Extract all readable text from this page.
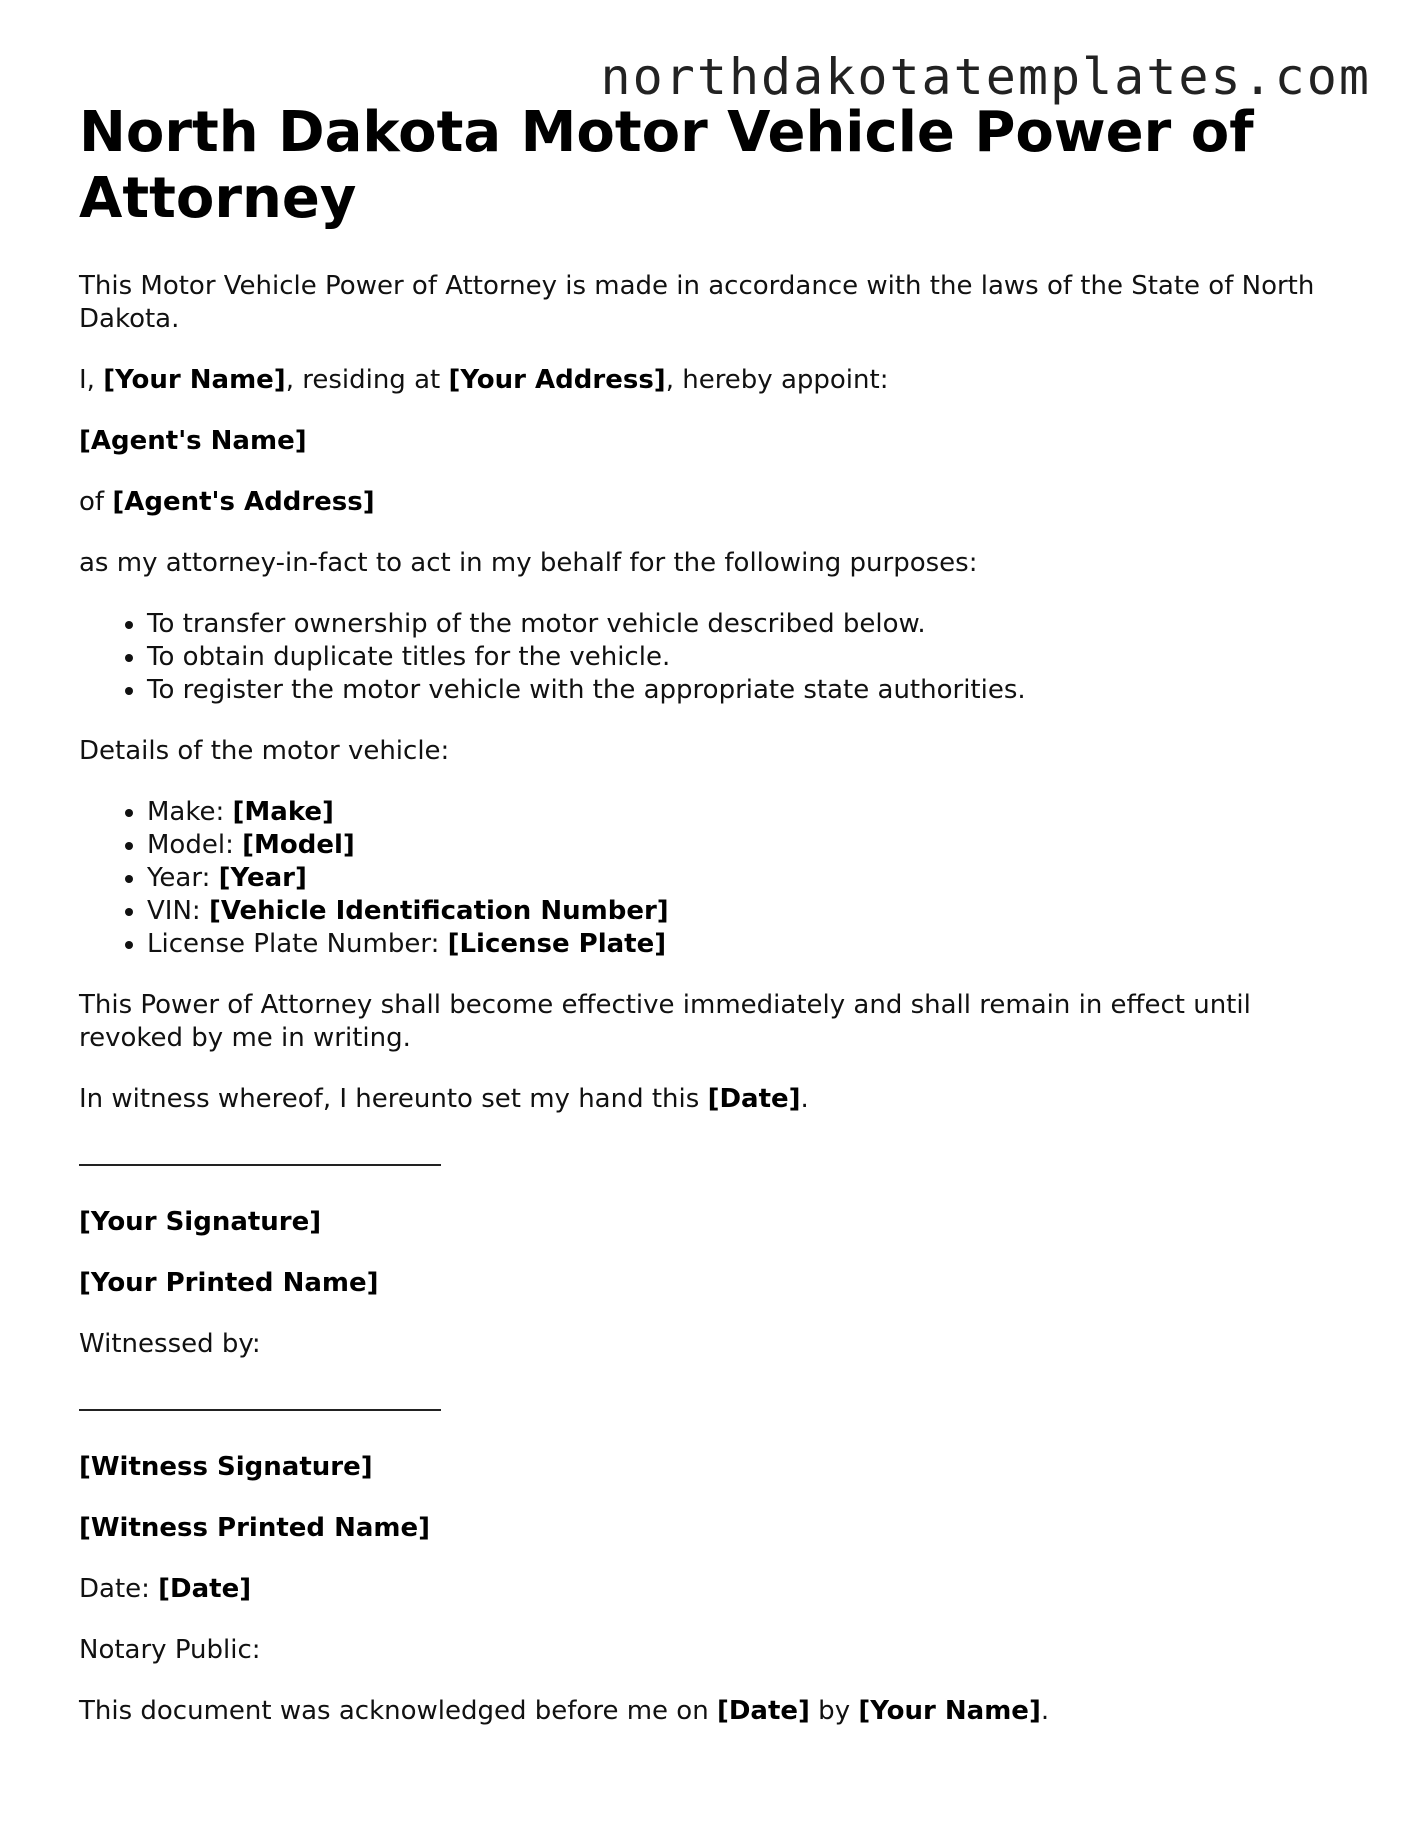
northdakotatemplates.com
North Dakota Motor Vehicle Power of Attorney

This Motor Vehicle Power of Attorney is made in accordance with the laws of the State of North Dakota.

I, [Your Name], residing at [Your Address], hereby appoint:

[Agent's Name]

of [Agent's Address]

as my attorney-in-fact to act in my behalf for the following purposes:

• To transfer ownership of the motor vehicle described below.
• To obtain duplicate titles for the vehicle.
• To register the motor vehicle with the appropriate state authorities.

Details of the motor vehicle:

• Make: [Make]
• Model: [Model]
• Year: [Year]
• VIN: [Vehicle Identification Number]
• License Plate Number: [License Plate]

This Power of Attorney shall become effective immediately and shall remain in effect until revoked by me in writing.

In witness whereof, I hereunto set my hand this [Date].

[Your Signature]

[Your Printed Name]

Witnessed by:

[Witness Signature]

[Witness Printed Name]

Date: [Date]

Notary Public:

This document was acknowledged before me on [Date] by [Your Name].
